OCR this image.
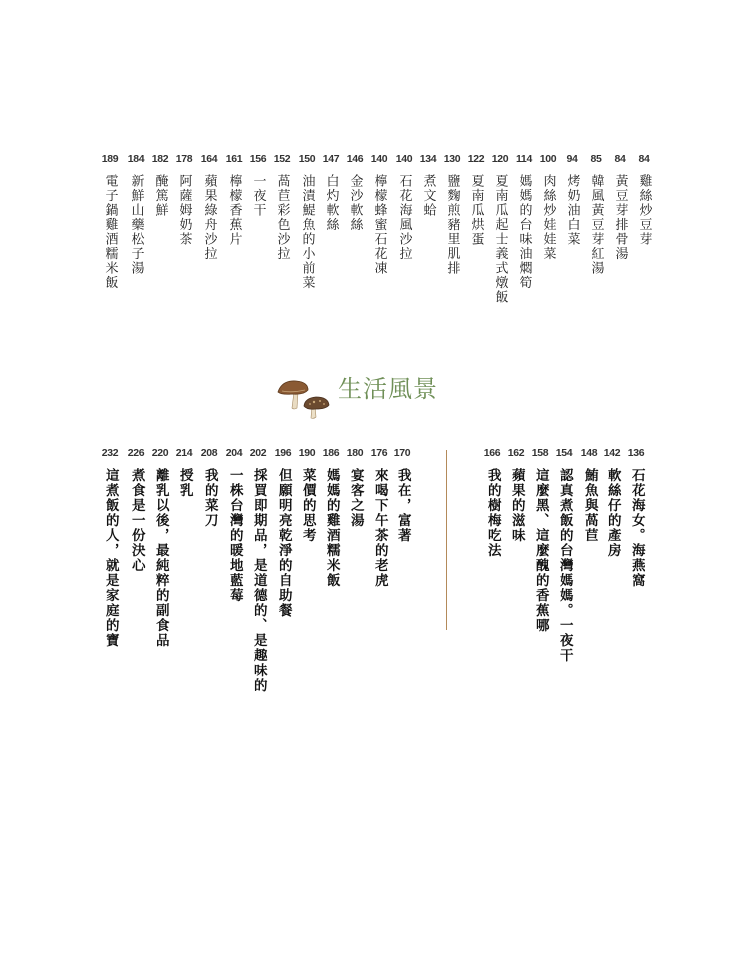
84
雞絲炒豆芽
84
黃豆芽排骨湯
85
韓風黃豆芽紅湯
94
烤奶油白菜
100
肉絲炒娃娃菜
114
媽媽的台味油燜筍
120
夏南瓜起士義式燉飯
122
夏南瓜烘蛋
130
鹽麴煎豬里肌排
134
煮文蛤
140
石花海風沙拉
140
檸檬蜂蜜石花凍
146
金沙軟絲
147
白灼軟絲
150
油漬鯷魚的小前菜
152
萵苣彩色沙拉
156
一夜干
161
檸檬香蕉片
164
蘋果綠舟沙拉
178
阿薩姆奶茶
182
醃篤鮮
184
新鮮山藥松子湯
189
電子鍋雞酒糯米飯
生活風景
136
石花海女。海燕窩
142
軟絲仔的產房
148
鮪魚與萵苣
154
認真煮飯的台灣媽媽。一夜干
158
這麼黑、這麼醜的香蕉哪
162
蘋果的滋味
166
我的樹梅吃法
170
我在，富著
176
來喝下午茶的老虎
180
宴客之湯
186
媽媽的雞酒糯米飯
190
菜價的思考
196
但願明亮乾淨的自助餐
202
採買即期品，是道德的、是趣味的
204
一株台灣的暖地藍莓
208
我的菜刀
214
授乳
220
離乳以後，最純粹的副食品
226
煮食是一份決心
232
這煮飯的人，就是家庭的寶
